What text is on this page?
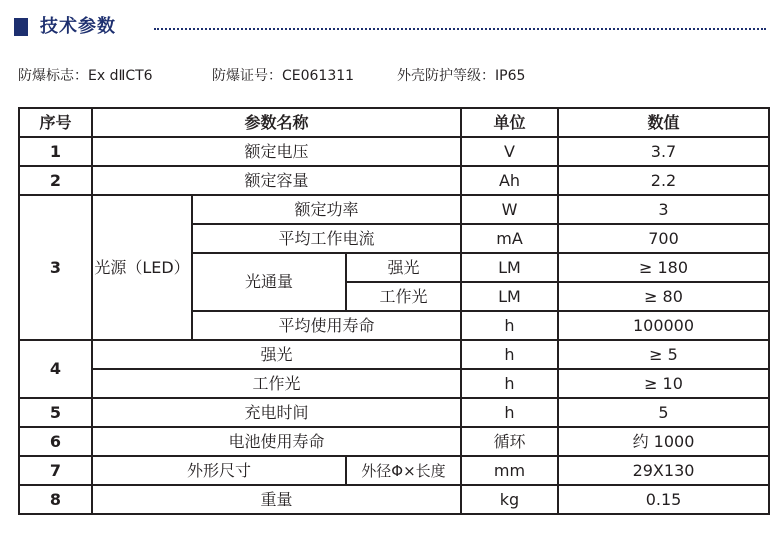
技术参数
防爆标志：Ex dⅡCT6	防爆证号：CE061311	外壳防护等级：IP65
序号	参数名称			单位	数值
1	额定电压			V	3.7
2	额定容量			Ah	2.2
3	光源（LED）	额定功率		W	3
		平均工作电流		mA	700
		光通量	强光	LM	≥ 180
			工作光	LM	≥ 80
		平均使用寿命		h	100000
4	强光			h	≥ 5
	工作光			h	≥ 10
5	充电时间			h	5
6	电池使用寿命			循环	约 1000
7	外形尺寸		外径Φ×长度	mm	29X130
8	重量			kg	0.15
